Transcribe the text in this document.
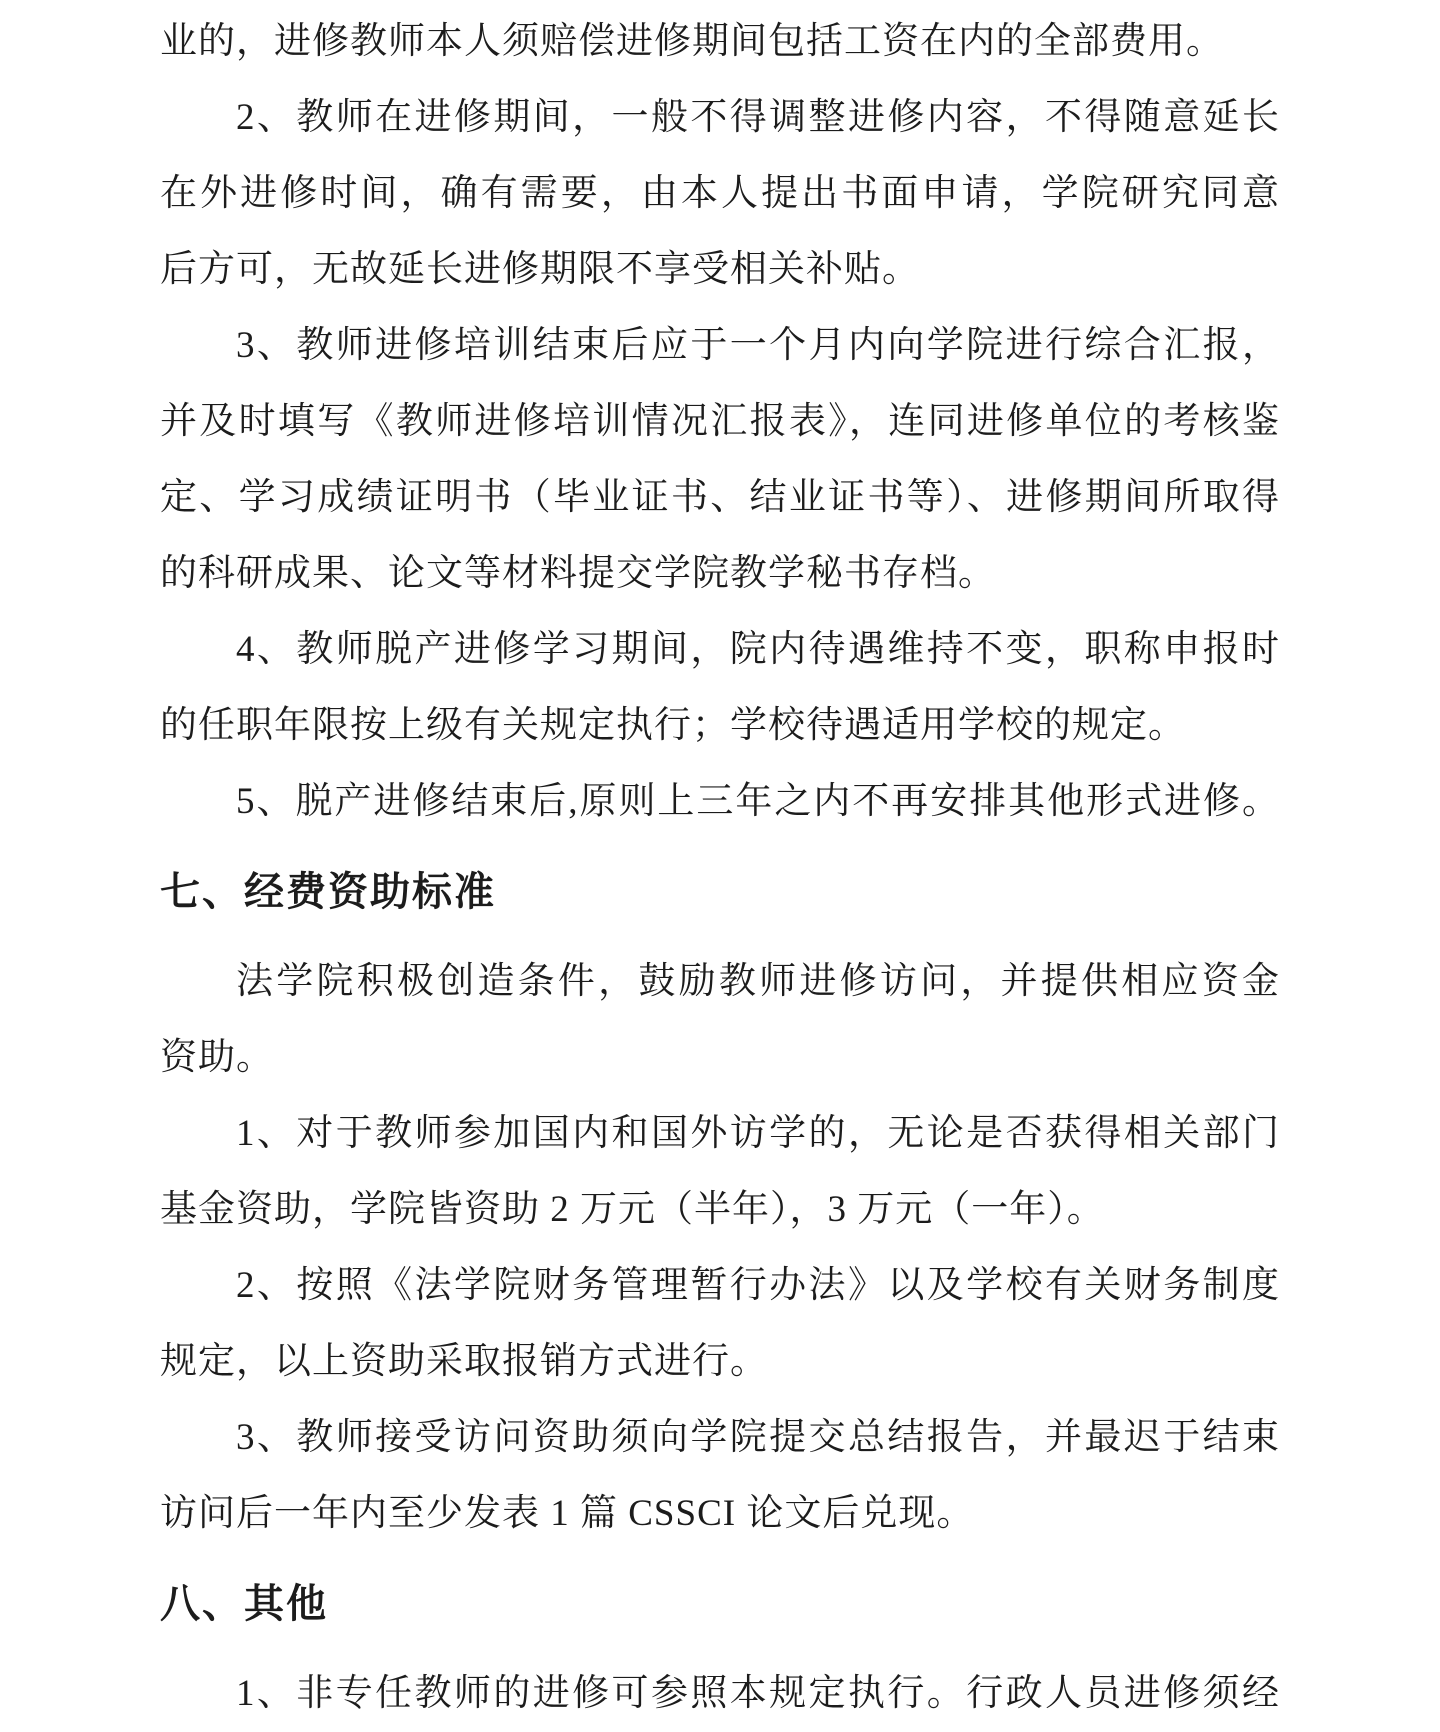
业的，进修教师本人须赔偿进修期间包括工资在内的全部费用。
2、教师在进修期间，一般不得调整进修内容，不得随意延长
在外进修时间，确有需要，由本人提出书面申请，学院研究同意
后方可，无故延长进修期限不享受相关补贴。
3、教师进修培训结束后应于一个月内向学院进行综合汇报，
并及时填写《教师进修培训情况汇报表》，连同进修单位的考核鉴
定、学习成绩证明书（毕业证书、结业证书等）、进修期间所取得
的科研成果、论文等材料提交学院教学秘书存档。
4、教师脱产进修学习期间，院内待遇维持不变，职称申报时
的任职年限按上级有关规定执行；学校待遇适用学校的规定。
5、脱产进修结束后,原则上三年之内不再安排其他形式进修。
七、经费资助标准
法学院积极创造条件，鼓励教师进修访问，并提供相应资金
资助。
1、对于教师参加国内和国外访学的，无论是否获得相关部门
基金资助，学院皆资助 2 万元（半年），3 万元（一年）。
2、按照《法学院财务管理暂行办法》以及学校有关财务制度
规定，以上资助采取报销方式进行。
3、教师接受访问资助须向学院提交总结报告，并最迟于结束
访问后一年内至少发表 1 篇 CSSCI 论文后兑现。
八、其他
1、非专任教师的进修可参照本规定执行。行政人员进修须经
